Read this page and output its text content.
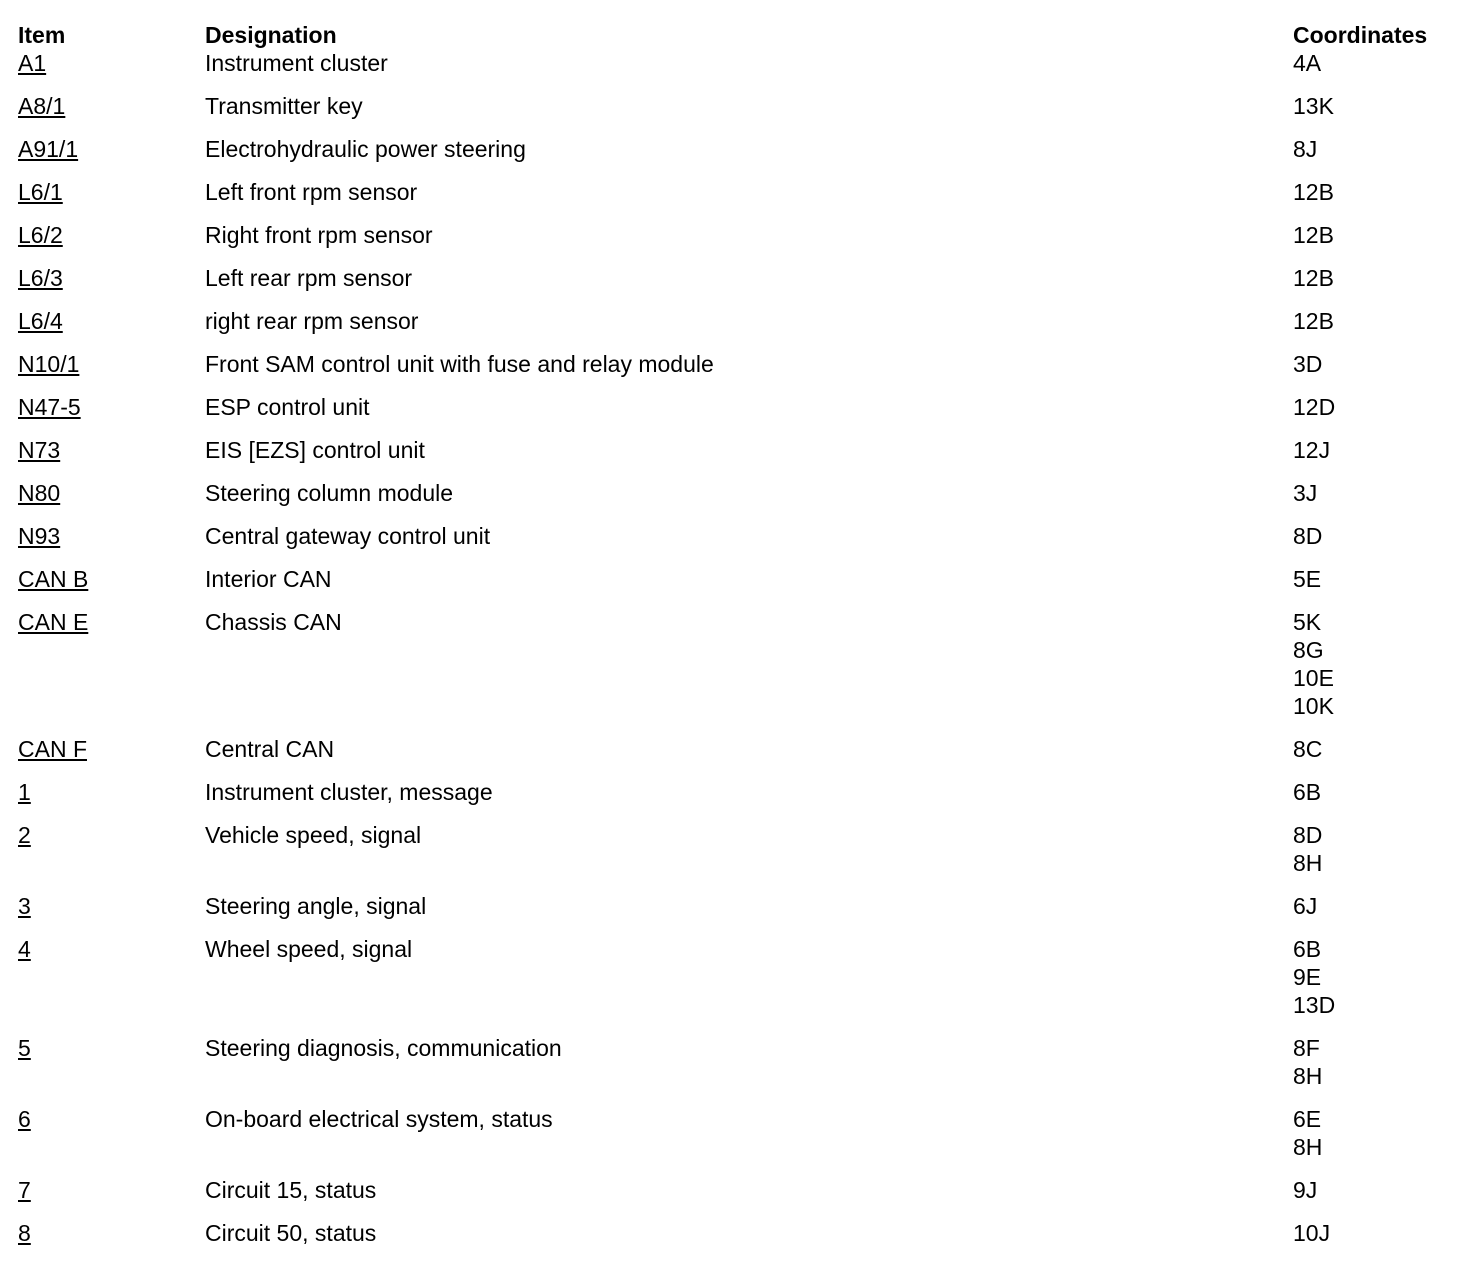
Item	Designation	Coordinates
A1	Instrument cluster	4A
A8/1	Transmitter key	13K
A91/1	Electrohydraulic power steering	8J
L6/1	Left front rpm sensor	12B
L6/2	Right front rpm sensor	12B
L6/3	Left rear rpm sensor	12B
L6/4	right rear rpm sensor	12B
N10/1	Front SAM control unit with fuse and relay module	3D
N47-5	ESP control unit	12D
N73	EIS [EZS] control unit	12J
N80	Steering column module	3J
N93	Central gateway control unit	8D
CAN B	Interior CAN	5E
CAN E	Chassis CAN	5K
8G
10E
10K
CAN F	Central CAN	8C
1	Instrument cluster, message	6B
2	Vehicle speed, signal	8D
8H
3	Steering angle, signal	6J
4	Wheel speed, signal	6B
9E
13D
5	Steering diagnosis, communication	8F
8H
6	On-board electrical system, status	6E
8H
7	Circuit 15, status	9J
8	Circuit 50, status	10J
